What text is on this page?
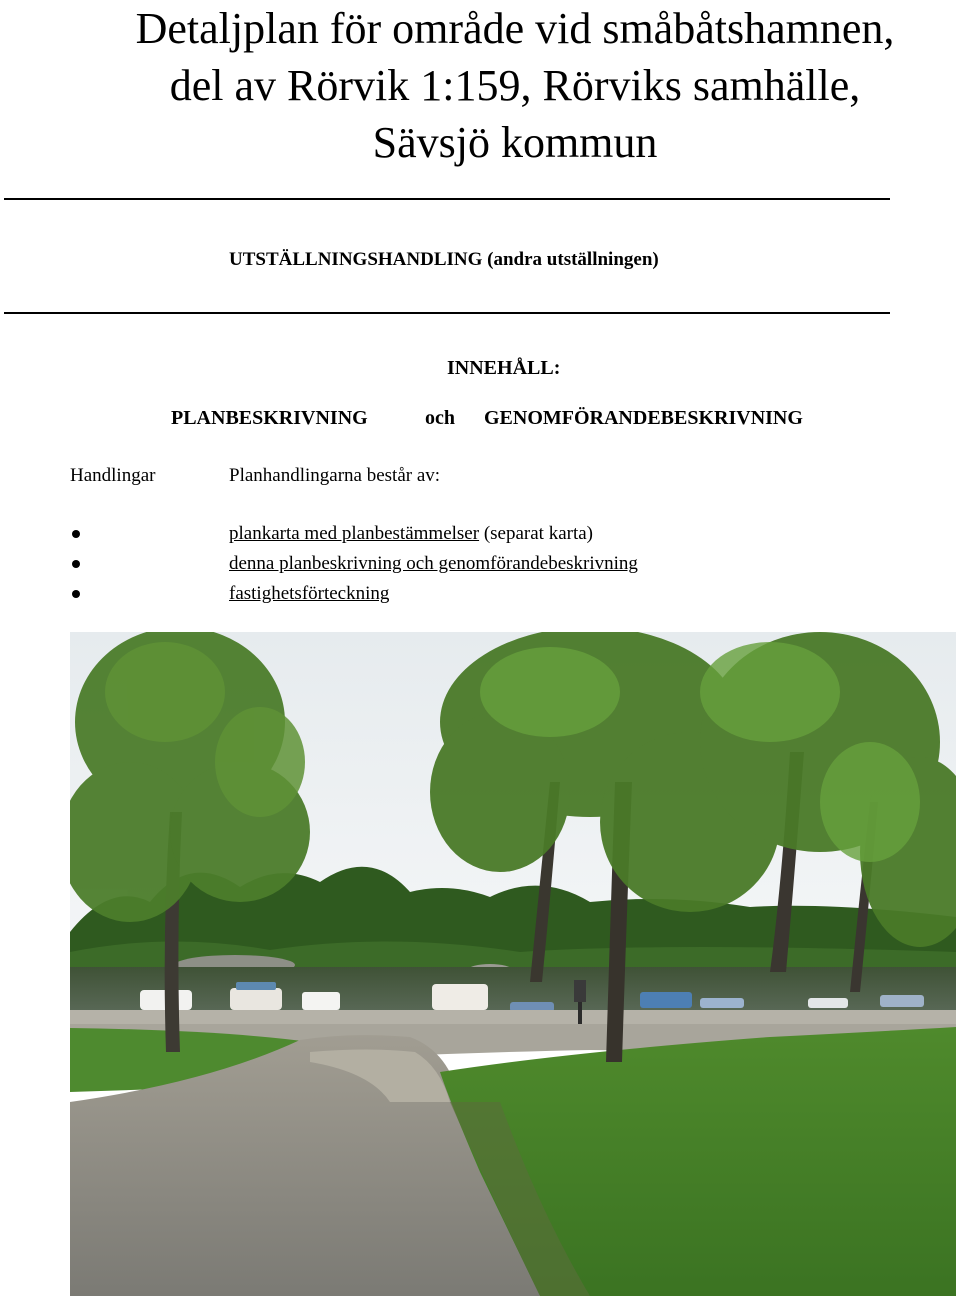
Detaljplan för område vid småbåtshamnen,
del av Rörvik 1:159, Rörviks samhälle,
Sävsjö kommun
UTSTÄLLNINGSHANDLING (andra utställningen)
INNEHÅLL:
PLANBESKRIVNING	och GENOMFÖRANDEBESKRIVNING
Handlingar	Planhandlingarna består av:
plankarta med planbestämmelser (separat karta)
denna planbeskrivning och genomförandebeskrivning
fastighetsförteckning
